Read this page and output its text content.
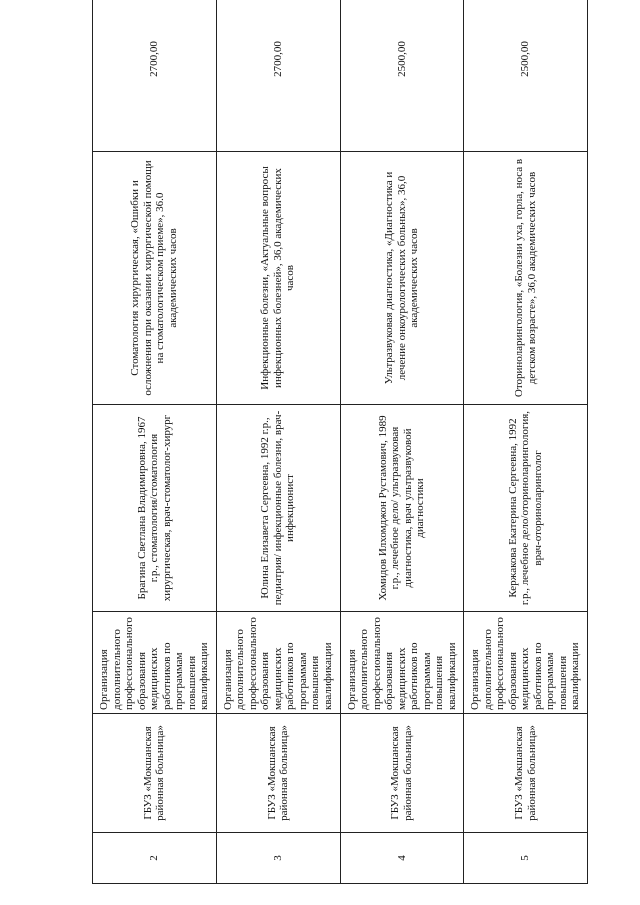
2	ГБУЗ «Мокшанская районная больница»	Организация дополнительного профессионального образования медицинских работников по программам повышения квалификации	Брагина Светлана Владимировна, 1967 г.р., стоматология/стоматология хирургическая, врач-стоматолог-хирург	Стоматология хирургическая, «Ошибки и осложнения при оказании хирургической помощи на стоматологическом приеме», 36.0 академических часов	2700,00
3	ГБУЗ «Мокшанская районная больница»	Организация дополнительного профессионального образования медицинских работников по программам повышения квалификации	Юлина Елизавета Сергеевна, 1992 г.р., педиатрия/ инфекционные болезни, врач-инфекционист	Инфекционные болезни, «Актуальные вопросы инфекционных болезней», 36,0 академических часов	2700,00
4	ГБУЗ «Мокшанская районная больница»	Организация дополнительного профессионального образования медицинских работников по программам повышения квалификации	Хомидов Илхомджон Рустамович, 1989 г.р., лечебное дело/ ультразвуковая диагностика, врач ультразвуковой диагностики	Ультразвуковая диагностика, «Диагностика и лечение онкоурологических больных», 36,0 академических часов	2500,00
5	ГБУЗ «Мокшанская районная больница»	Организация дополнительного профессионального образования медицинских работников по программам повышения квалификации	Кержакова Екатерина Сергеевна, 1992 г.р., лечебное дело/оториноларингология, врач-оториноларинголог	Оториноларингология, «Болезни уха, горла, носа в детском возрасте», 36,0 академических часов	2500,00
